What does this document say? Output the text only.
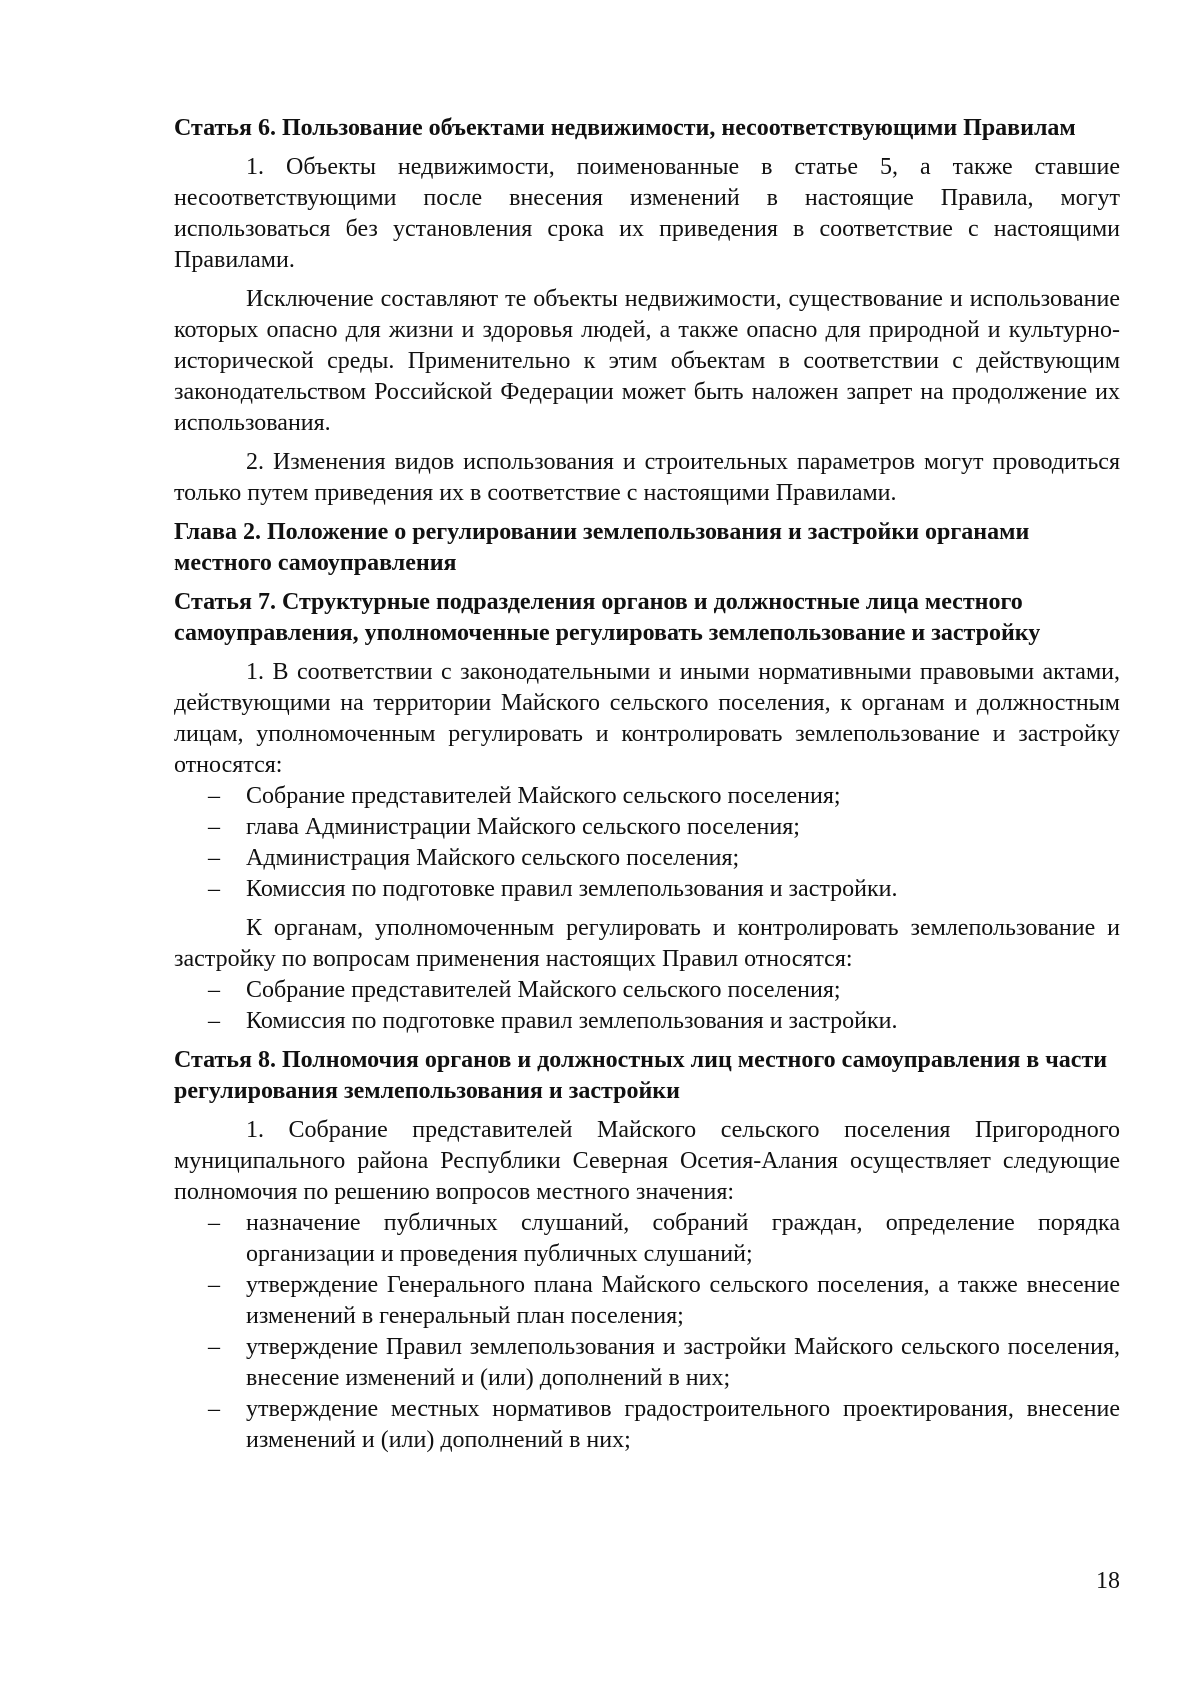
Статья 6. Пользование объектами недвижимости, несоответствующими Правилам
1. Объекты недвижимости, поименованные в статье 5, а также ставшие несоответствующими после внесения изменений в настоящие Правила, могут использоваться без установления срока их приведения в соответствие с настоящими Правилами.
Исключение составляют те объекты недвижимости, существование и использование которых опасно для жизни и здоровья людей, а также опасно для природной и культурно-исторической среды. Применительно к этим объектам в соответствии с действующим законодательством Российской Федерации может быть наложен запрет на продолжение их использования.
2. Изменения видов использования и строительных параметров могут проводиться только путем приведения их в соответствие с настоящими Правилами.
Глава 2. Положение о регулировании землепользования и застройки органами местного самоуправления
Статья 7. Структурные подразделения органов и должностные лица местного самоуправления, уполномоченные регулировать землепользование и застройку
1. В соответствии с законодательными и иными нормативными правовыми актами, действующими на территории Майского сельского поселения, к органам и должностным лицам, уполномоченным регулировать и контролировать землепользование и застройку относятся:
– Собрание представителей Майского сельского поселения;
– глава Администрации Майского сельского поселения;
– Администрация Майского сельского поселения;
– Комиссия по подготовке правил землепользования и застройки.
К органам, уполномоченным регулировать и контролировать землепользование и застройку по вопросам применения настоящих Правил относятся:
– Собрание представителей Майского сельского поселения;
– Комиссия по подготовке правил землепользования и застройки.
Статья 8. Полномочия органов и должностных лиц местного самоуправления в части регулирования землепользования и застройки
1. Собрание представителей Майского сельского поселения Пригородного муниципального района Республики Северная Осетия-Алания осуществляет следующие полномочия по решению вопросов местного значения:
– назначение публичных слушаний, собраний граждан, определение порядка организации и проведения публичных слушаний;
– утверждение Генерального плана Майского сельского поселения, а также внесение изменений в генеральный план поселения;
– утверждение Правил землепользования и застройки Майского сельского поселения, внесение изменений и (или) дополнений в них;
– утверждение местных нормативов градостроительного проектирования, внесение изменений и (или) дополнений в них;
18
